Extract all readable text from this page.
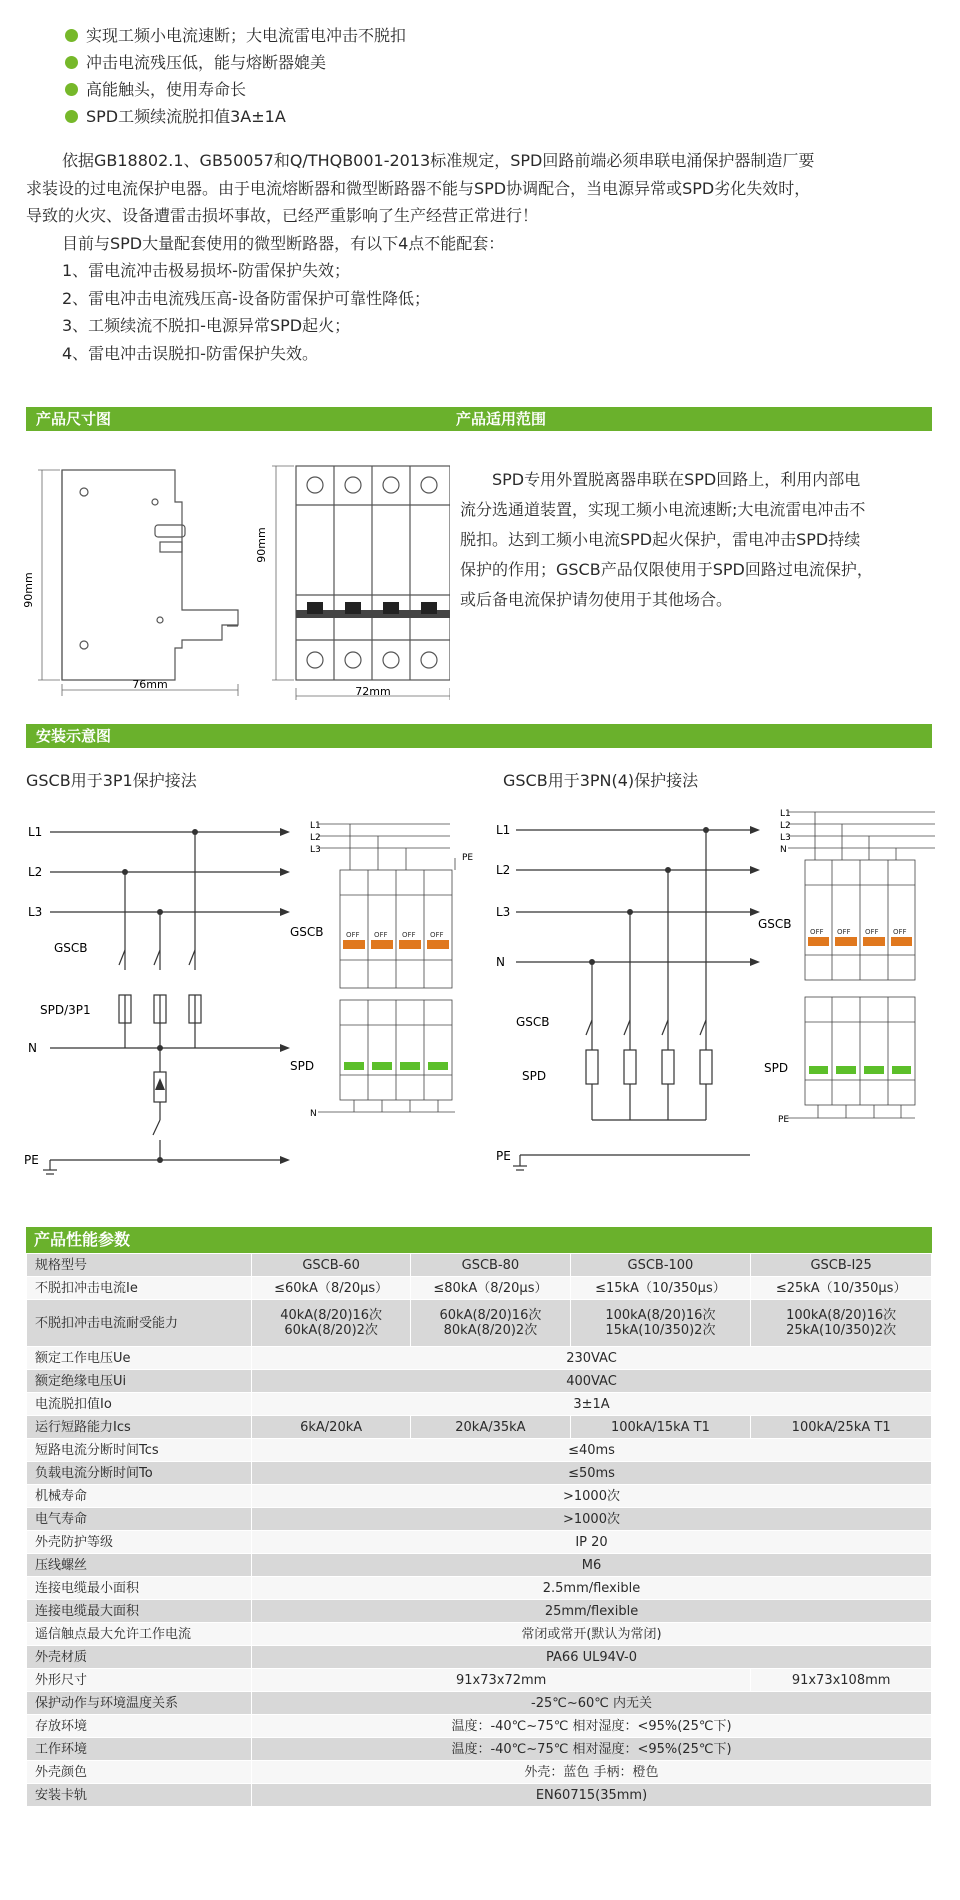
实现工频小电流速断；大电流雷电冲击不脱扣
冲击电流残压低，能与熔断器媲美
高能触头，使用寿命长
SPD工频续流脱扣值3A±1A

依据GB18802.1、GB50057和Q/THQB001-2013标准规定，SPD回路前端必须串联电涌保护器制造厂要

求装设的过电流保护电器。由于电流熔断器和微型断路器不能与SPD协调配合，当电源异常或SPD劣化失效时，

导致的火灾、设备遭雷击损坏事故，已经严重影响了生产经营正常进行！

目前与SPD大量配套使用的微型断路器，有以下4点不能配套：

1、雷电流冲击极易损坏-防雷保护失效；

2、雷电冲击电流残压高-设备防雷保护可靠性降低；

3、工频续流不脱扣-电源异常SPD起火；

4、雷电冲击误脱扣-防雷保护失效。

产品尺寸图	产品适用范围
90mm
76mm
90mm
72mm
SPD专用外置脱离器串联在SPD回路上，利用内部电
流分选通道装置，实现工频小电流速断;大电流雷电冲击不
脱扣。达到工频小电流SPD起火保护，雷电冲击SPD持续
保护的作用；GSCB产品仅限使用于SPD回路过电流保护，
或后备电流保护请勿使用于其他场合。
安装示意图
GSCB用于3P1保护接法	GSCB用于3PN(4)保护接法
L1
L2
L3
N
PE
GSCB
SPD/3P1
OFF OFF OFF OFF
GSCB
SPD
L1
L2
L3
PE
N
L1
L2
L3
N
PE
GSCB
SPD
OFF OFF OFF OFF
GSCB
SPD
L1
L2
L3
N
PE
产品性能参数
规格型号	GSCB-60	GSCB-80	GSCB-100	GSCB-I25
不脱扣冲击电流Ie	≤60kA（8/20μs）	≤80kA（8/20μs）	≤15kA（10/350μs）	≤25kA（10/350μs）
不脱扣冲击电流耐受能力	40kA(8/20)16次
60kA(8/20)2次	60kA(8/20)16次
80kA(8/20)2次	100kA(8/20)16次
15kA(10/350)2次	100kA(8/20)16次
25kA(10/350)2次
额定工作电压Ue	230VAC			
额定绝缘电压Ui	400VAC			
电流脱扣值Io	3±1A			
运行短路能力Ics	6kA/20kA	20kA/35kA	100kA/15kA T1	100kA/25kA T1
短路电流分断时间Tcs	≤40ms			
负载电流分断时间To	≤50ms			
机械寿命	>1000次			
电气寿命	>1000次			
外壳防护等级	IP 20			
压线螺丝	M6			
连接电缆最小面积	2.5mm/flexible			
连接电缆最大面积	25mm/flexible			
遥信触点最大允许工作电流	常闭或常开(默认为常闭)			
外壳材质	PA66 UL94V-0			
外形尺寸	91x73x72mm			91x73x108mm
保护动作与环境温度关系	-25℃~60℃ 内无关			
存放环境	温度：-40℃~75℃ 相对湿度：<95%(25℃下)			
工作环境	温度：-40℃~75℃ 相对湿度：<95%(25℃下)			
外壳颜色	外壳：蓝色 手柄：橙色			
安装卡轨	EN60715(35mm)			
